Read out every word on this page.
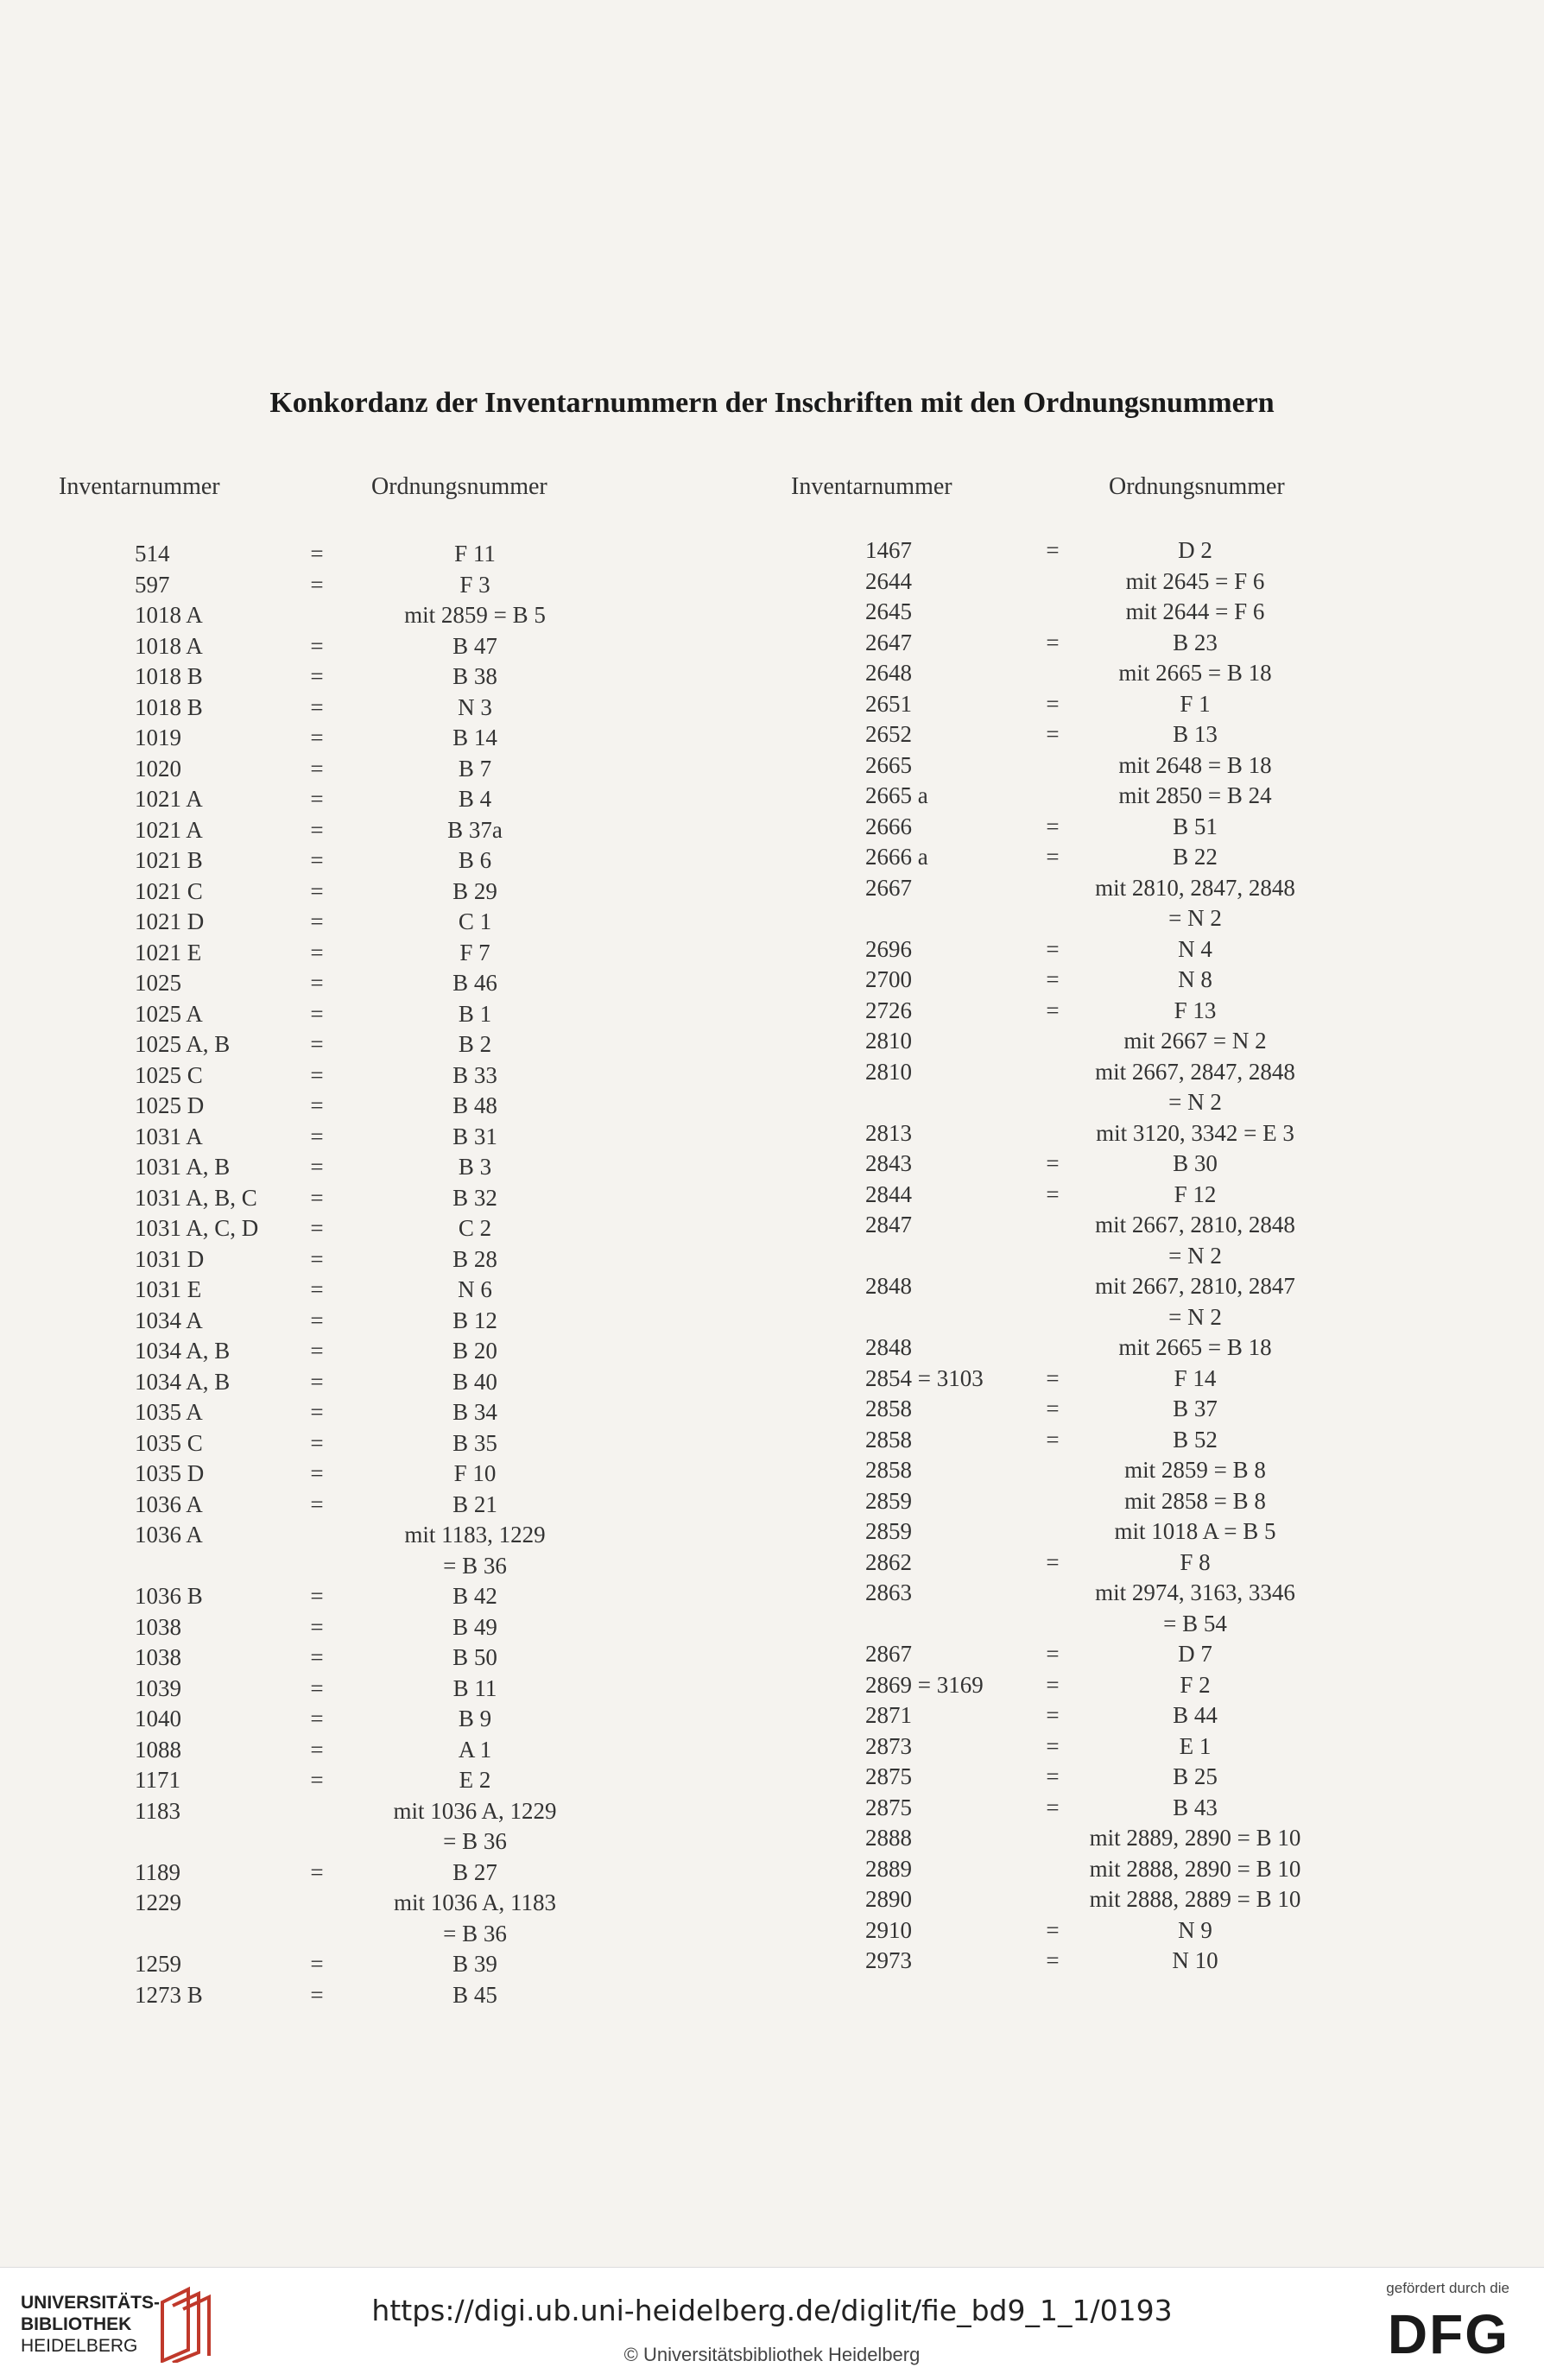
Konkordanz der Inventarnummern der Inschriften mit den Ordnungsnummern
Inventarnummer	Ordnungsnummer	Inventarnummer	Ordnungsnummer
514	=	F 11
597	=	F 3
1018 A	mit 2859 = B 5
1018 A	=	B 47
1018 B	=	B 38
1018 B	=	N 3
1019	=	B 14
1020	=	B 7
1021 A	=	B 4
1021 A	=	B 37a
1021 B	=	B 6
1021 C	=	B 29
1021 D	=	C 1
1021 E	=	F 7
1025	=	B 46
1025 A	=	B 1
1025 A, B	=	B 2
1025 C	=	B 33
1025 D	=	B 48
1031 A	=	B 31
1031 A, B	=	B 3
1031 A, B, C =	B 32
1031 A, C, D =	C 2
1031 D	=	B 28
1031 E	=	N 6
1034 A	=	B 12
1034 A, B	=	B 20
1034 A, B	=	B 40
1035 A	=	B 34
1035 C	=	B 35
1035 D	=	F 10
1036 A	=	B 21
1036 A	mit 1183, 1229
= B 36
1036 B	=	B 42
1038	=	B 49
1038	=	B 50
1039	=	B 11
1040	=	B 9
1088	=	A 1
1171	=	E 2
1183	mit 1036 A, 1229
= B 36
1189	=	B 27
1229	mit 1036 A, 1183
= B 36
1259	=	B 39
1273 B	=	B 45
1467	=	D 2
2644	mit 2645 = F 6
2645	mit 2644 = F 6
2647	=	B 23
2648	mit 2665 = B 18
2651	=	F 1
2652	=	B 13
2665	mit 2648 = B 18
2665 a	mit 2850 = B 24
2666	=	B 51
2666 a	=	B 22
2667	mit 2810, 2847, 2848
= N 2
2696	=	N 4
2700	=	N 8
2726	=	F 13
2810	mit 2667 = N 2
2810	mit 2667, 2847, 2848
= N 2
2813	mit 3120, 3342 = E 3
2843	=	B 30
2844	=	F 12
2847	mit 2667, 2810, 2848
= N 2
2848	mit 2667, 2810, 2847
= N 2
2848	mit 2665 = B 18
2854 = 3103	=	F 14
2858	=	B 37
2858	=	B 52
2858	mit 2859 = B 8
2859	mit 2858 = B 8
2859	mit 1018 A = B 5
2862	=	F 8
2863	mit 2974, 3163, 3346
= B 54
2867	=	D 7
2869 = 3169	=	F 2
2871	=	B 44
2873	=	E 1
2875	=	B 25
2875	=	B 43
2888	mit 2889, 2890 = B 10
2889	mit 2888, 2890 = B 10
2890	mit 2888, 2889 = B 10
2910	=	N 9
2973	=	N 10
UNIVERSITÄTS-
BIBLIOTHEK
HEIDELBERG
https://digi.ub.uni-heidelberg.de/diglit/fie_bd9_1_1/0193
© Universitätsbibliothek Heidelberg
gefördert durch die
DFG
